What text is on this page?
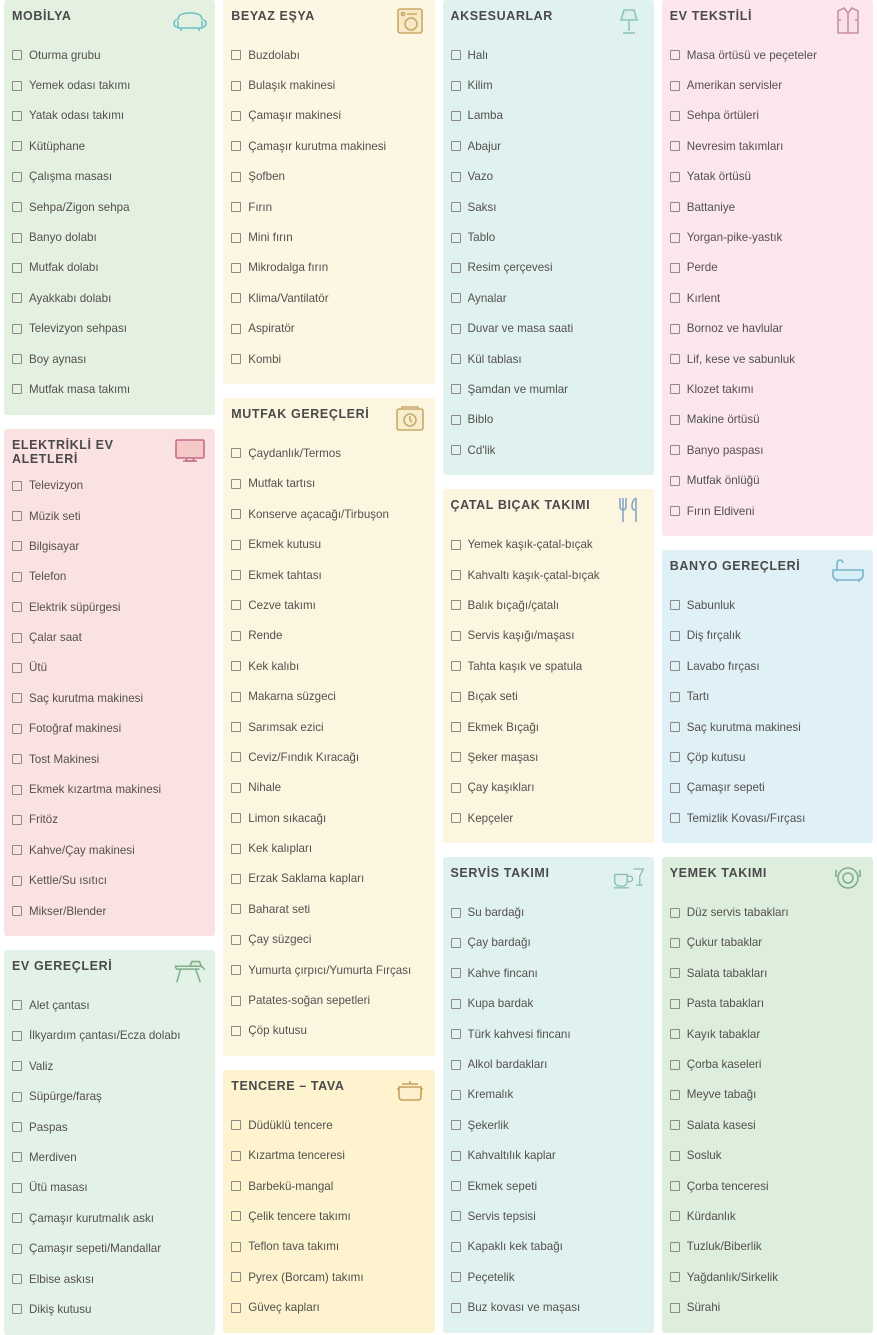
MOBİLYA
Oturma grubu
Yemek odası takımı
Yatak odası takımı
Kütüphane
Çalışma masası
Sehpa/Zigon sehpa
Banyo dolabı
Mutfak dolabı
Ayakkabı dolabı
Televizyon sehpası
Boy aynası
Mutfak masa takımı
ELEKTRİKLİ EV ALETLERİ
Televizyon
Müzik seti
Bilgisayar
Telefon
Elektrik süpürgesi
Çalar saat
Ütü
Saç kurutma makinesi
Fotoğraf makinesi
Tost Makinesi
Ekmek kızartma makinesi
Fritöz
Kahve/Çay makinesi
Kettle/Su ısıtıcı
Mikser/Blender
EV GEREÇLERİ
Alet çantası
İlkyardım çantası/Ecza dolabı
Valiz
Süpürge/faraş
Paspas
Merdiven
Ütü masası
Çamaşır kurutmalık askı
Çamaşır sepeti/Mandallar
Elbise askısı
Dikiş kutusu
BEYAZ EŞYA
Buzdolabı
Bulaşık makinesi
Çamaşır makinesi
Çamaşır kurutma makinesi
Şofben
Fırın
Mini fırın
Mikrodalga fırın
Klima/Vantilatör
Aspiratör
Kombi
MUTFAK GEREÇLERİ
Çaydanlık/Termos
Mutfak tartısı
Konserve açacağı/Tirbuşon
Ekmek kutusu
Ekmek tahtası
Cezve takımı
Rende
Kek kalıbı
Makarna süzgeci
Sarımsak ezici
Ceviz/Fındık Kıracağı
Nihale
Limon sıkacağı
Kek kalıpları
Erzak Saklama kapları
Baharat seti
Çay süzgeci
Yumurta çırpıcı/Yumurta Fırçası
Patates-soğan sepetleri
Çöp kutusu
TENCERE – TAVA
Düdüklü tencere
Kızartma tenceresi
Barbekü-mangal
Çelik tencere takımı
Teflon tava takımı
Pyrex (Borcam) takımı
Güveç kapları
AKSESUARLAR
Halı
Kilim
Lamba
Abajur
Vazo
Saksı
Tablo
Resim çerçevesi
Aynalar
Duvar ve masa saati
Kül tablası
Şamdan ve mumlar
Biblo
Cd'lik
ÇATAL BIÇAK TAKIMI
Yemek kaşık-çatal-bıçak
Kahvaltı kaşık-çatal-bıçak
Balık bıçağı/çatalı
Servis kaşığı/maşası
Tahta kaşık ve spatula
Bıçak seti
Ekmek Bıçağı
Şeker maşası
Çay kaşıkları
Kepçeler
SERVİS TAKIMI
Su bardağı
Çay bardağı
Kahve fincanı
Kupa bardak
Türk kahvesi fincanı
Alkol bardakları
Kremalık
Şekerlik
Kahvaltılık kaplar
Ekmek sepeti
Servis tepsisi
Kapaklı kek tabağı
Peçetelik
Buz kovası ve maşası
EV TEKSTİLİ
Masa örtüsü ve peçeteler
Amerikan servisler
Sehpa örtüleri
Nevresim takımları
Yatak örtüsü
Battaniye
Yorgan-pike-yastık
Perde
Kırlent
Bornoz ve havlular
Lif, kese ve sabunluk
Klozet takımı
Makine örtüsü
Banyo paspası
Mutfak önlüğü
Fırın Eldiveni
BANYO GEREÇLERİ
Sabunluk
Diş fırçalık
Lavabo fırçası
Tartı
Saç kurutma makinesi
Çöp kutusu
Çamaşır sepeti
Temizlik Kovası/Fırçası
YEMEK TAKIMI
Düz servis tabakları
Çukur tabaklar
Salata tabakları
Pasta tabakları
Kayık tabaklar
Çorba kaseleri
Meyve tabağı
Salata kasesi
Sosluk
Çorba tenceresi
Kürdanlık
Tuzluk/Biberlik
Yağdanlık/Sirkelik
Sürahi
